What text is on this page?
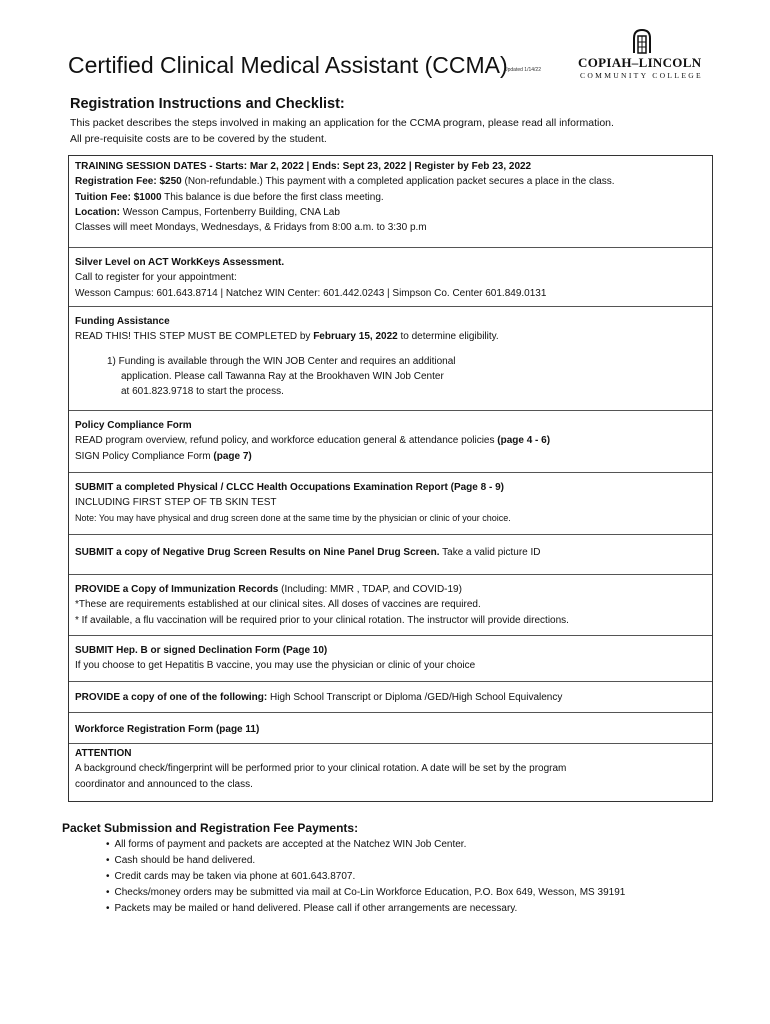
Certified Clinical Medical Assistant (CCMA)
Updated 1/14/22	COPIAH‒LINCOLN
COMMUNITY COLLEGE
Registration Instructions and Checklist:
This packet describes the steps involved in making an application for the CCMA program, please read all information.
All pre-requisite costs are to be covered by the student.
TRAINING SESSION DATES - Starts: Mar 2, 2022 | Ends: Sept 23, 2022 | Register by Feb 23, 2022
Registration Fee: $250 (Non-refundable.) This payment with a completed application packet secures a place in the class.
Tuition Fee: $1000 This balance is due before the first class meeting.
Location: Wesson Campus, Fortenberry Building, CNA Lab
Classes will meet Mondays, Wednesdays, & Fridays from 8:00 a.m. to 3:30 p.m
Silver Level on ACT WorkKeys Assessment.
Call to register for your appointment:
Wesson Campus: 601.643.8714 | Natchez WIN Center: 601.442.0243 | Simpson Co. Center 601.849.0131
Funding Assistance
READ THIS! THIS STEP MUST BE COMPLETED by February 15, 2022 to determine eligibility.
1) Funding is available through the WIN JOB Center and requires an additional
application. Please call Tawanna Ray at the Brookhaven WIN Job Center
at 601.823.9718 to start the process.
Policy Compliance Form
READ program overview, refund policy, and workforce education general & attendance policies (page 4 - 6)
SIGN Policy Compliance Form (page 7)
SUBMIT a completed Physical / CLCC Health Occupations Examination Report (Page 8 - 9)
INCLUDING FIRST STEP OF TB SKIN TEST
Note: You may have physical and drug screen done at the same time by the physician or clinic of your choice.
SUBMIT a copy of Negative Drug Screen Results on Nine Panel Drug Screen. Take a valid picture ID
PROVIDE a Copy of Immunization Records (Including: MMR , TDAP, and COVID-19)
*These are requirements established at our clinical sites. All doses of vaccines are required.
* If available, a flu vaccination will be required prior to your clinical rotation. The instructor will provide directions.
SUBMIT Hep. B or signed Declination Form (Page 10)
If you choose to get Hepatitis B vaccine, you may use the physician or clinic of your choice
PROVIDE a copy of one of the following: High School Transcript or Diploma /GED/High School Equivalency
Workforce Registration Form (page 11)
ATTENTION
A background check/fingerprint will be performed prior to your clinical rotation. A date will be set by the program
coordinator and announced to the class.
Packet Submission and Registration Fee Payments:
• All forms of payment and packets are accepted at the Natchez WIN Job Center.
• Cash should be hand delivered.
• Credit cards may be taken via phone at 601.643.8707.
• Checks/money orders may be submitted via mail at Co-Lin Workforce Education, P.O. Box 649, Wesson, MS 39191
• Packets may be mailed or hand delivered. Please call if other arrangements are necessary.
